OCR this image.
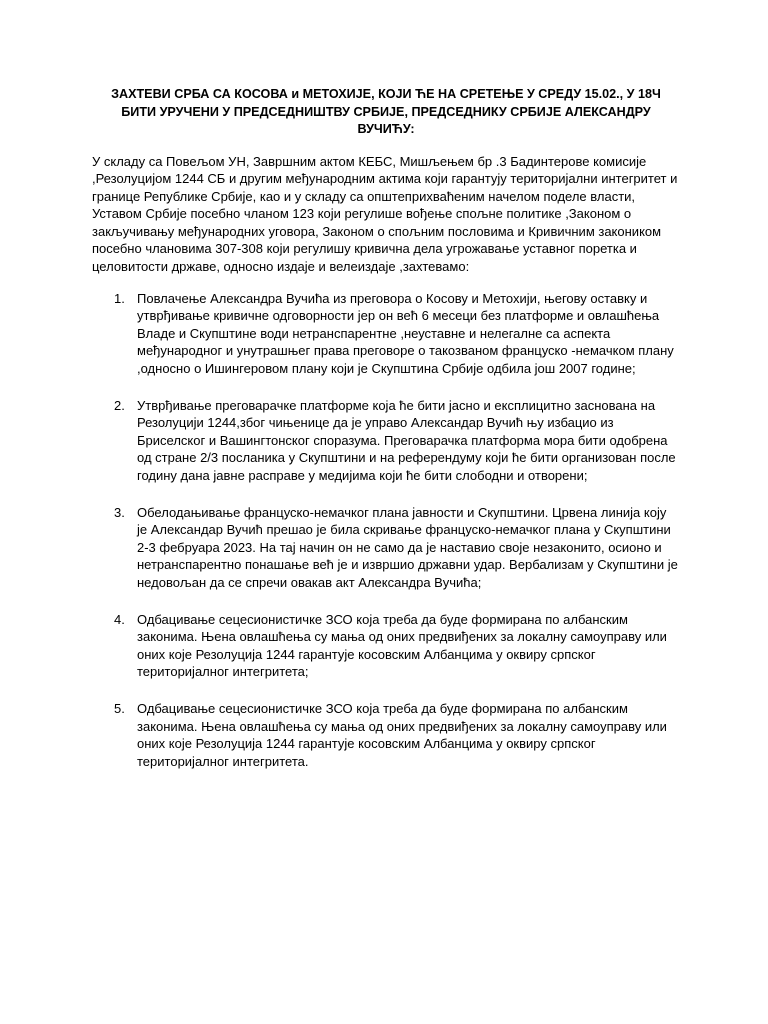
ЗАХТЕВИ СРБА СА КОСОВА и МЕТОХИЈЕ, КОЈИ ЋЕ НА СРЕТЕЊЕ У СРЕДУ 15.02., У 18Ч БИТИ УРУЧЕНИ У ПРЕДСЕДНИШТВУ СРБИЈЕ, ПРЕДСЕДНИКУ СРБИЈЕ АЛЕКСАНДРУ ВУЧИЋУ:

У складу са Повељом УН, Завршним актом КЕБС, Мишљењем бр .3 Бадинтерове комисије ,Резолуцијом 1244 СБ и другим међународним актима који гарантују територијални интегритет и границе Републике Србије, као и у складу са општеприхваћеним начелом поделе власти, Уставом Србије посебно чланом 123 који регулише вођење спољне политике ,Законом о закључивању међународних уговора, Законом о спољним пословима и Кривичним закоником посебно члановима 307-308 који регулишу кривична дела угрожавање уставног поретка и целовитости државе, односно издаје и велеиздаје ,захтевамо:

1. Повлачење Александра Вучића из преговора о Косову и Метохији, његову оставку и утврђивање кривичне одговорности јер он већ 6 месеци без платформе и овлашћења Владе и Скупштине води нетранспарентне ,неуставне и нелегалне са аспекта међународног и унутрашњег права преговоре о такозваном француско -немачком плану ,односно о Ишингеровом плану који је Скупштина Србије одбила још 2007 године;
2. Утврђивање преговарачке платформе која ће бити јасно и експлицитно заснована на Резолуцији 1244,због чињенице да је управо Александар Вучић њу избацио из Бриселског и Вашингтонског споразума. Преговарачка платформа мора бити одобрена од стране 2/3 посланика у Скупштини и на референдуму који ће бити организован после годину дана јавне расправе у медијима који ће бити слободни и отворени;
3. Обелодањивање француско-немачког плана јавности и Скупштини. Црвена линија коју је Александар Вучић прешао је била скривање француско-немачког плана у Скупштини 2-3 фебруара 2023. На тај начин он не само да је наставио своје незаконито, осионо и нетранспарентно понашање већ је и извршио државни удар. Вербализам у Скупштини је недовољан да се спречи овакав акт Александра Вучића;
4. Одбацивање сецесионистичке ЗСО која треба да буде формирана по албанским законима. Њена овлашћења су мања од оних предвиђених за локалну самоуправу или оних које Резолуција 1244 гарантује косовским Албанцима у оквиру српског територијалног интегритета;
5. Одбацивање сецесионистичке ЗСО која треба да буде формирана по албанским законима. Њена овлашћења су мања од оних предвиђених за локалну самоуправу или оних које Резолуција 1244 гарантује косовским Албанцима у оквиру српског територијалног интегритета.
